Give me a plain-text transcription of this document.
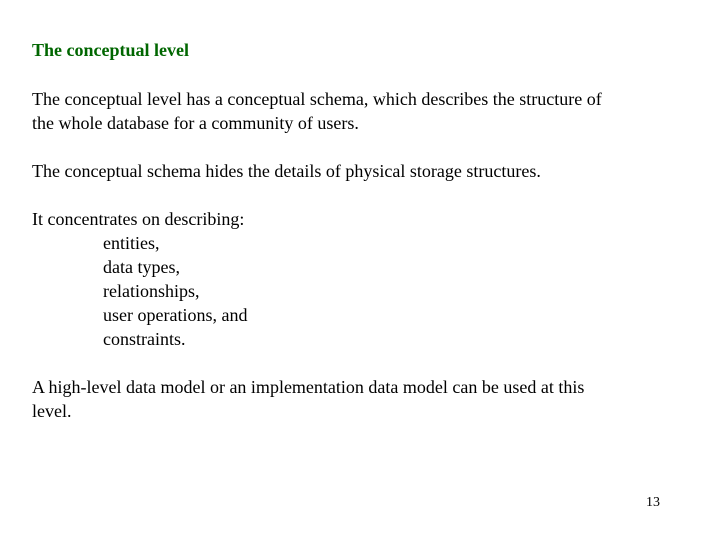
The conceptual level
The conceptual level has a conceptual schema, which describes the structure of
the whole database for a community of users.
The conceptual schema hides the details of physical storage structures.
It concentrates on describing:
entities,
data types,
relationships,
user operations, and
constraints.
A high-level data model or an implementation data model can be used at this
level.
13
